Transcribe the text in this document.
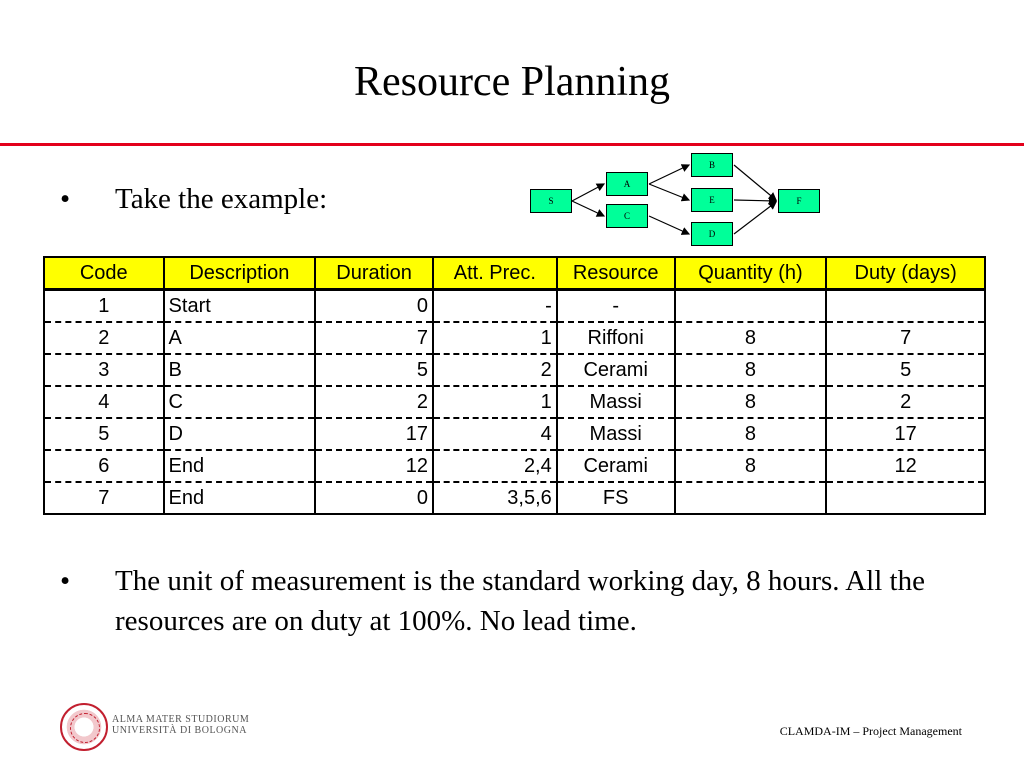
Resource Planning
• Take the example:	S
A
C
B
E
D
F
Code	Description	Duration	Att. Prec.	Resource	Quantity (h)	Duty (days)
1	Start	0	-	-		
2	A	7	1	Riffoni	8	7
3	B	5	2	Cerami	8	5
4	C	2	1	Massi	8	2
5	D	17	4	Massi	8	17
6	End	12	2,4	Cerami	8	12
7	End	0	3,5,6	FS		
• The unit of measurement is the standard working day, 8 hours. All the resources are on duty at 100%. No lead time.
ALMA MATER STUDIORUM
UNIVERSITÀ DI BOLOGNA	CLAMDA-IM – Project Management
